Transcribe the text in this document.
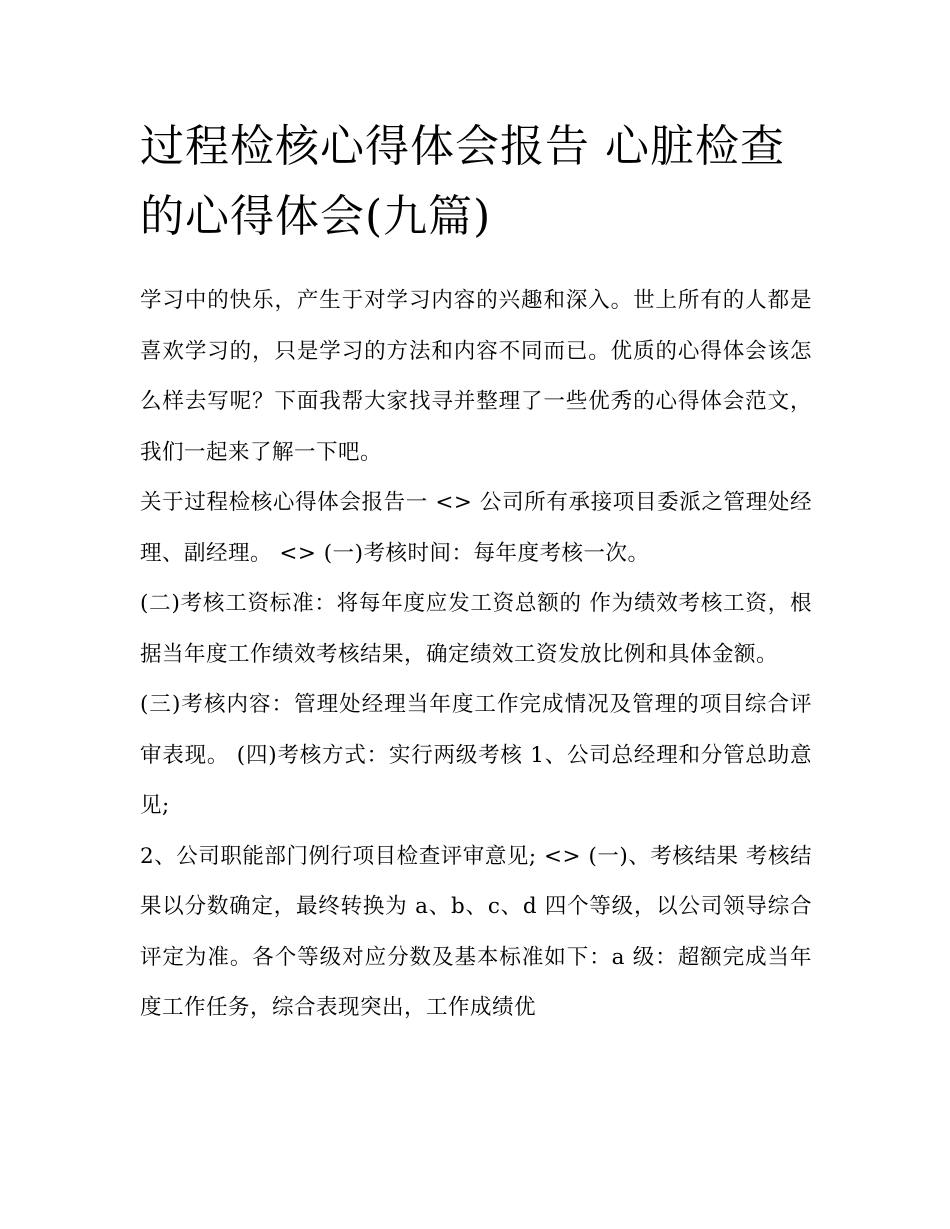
过程检核心得体会报告 心脏检查的心得体会(九篇)

学习中的快乐，产生于对学习内容的兴趣和深入。世上所有的人都是喜欢学习的，只是学习的方法和内容不同而已。优质的心得体会该怎么样去写呢？下面我帮大家找寻并整理了一些优秀的心得体会范文，我们一起来了解一下吧。

关于过程检核心得体会报告一 <> 公司所有承接项目委派之管理处经理、副经理。 <> (一)考核时间：每年度考核一次。

(二)考核工资标准：将每年度应发工资总额的 作为绩效考核工资，根据当年度工作绩效考核结果，确定绩效工资发放比例和具体金额。

(三)考核内容：管理处经理当年度工作完成情况及管理的项目综合评审表现。 (四)考核方式：实行两级考核 1、公司总经理和分管总助意见;

2、公司职能部门例行项目检查评审意见; <> (一)、考核结果 考核结果以分数确定，最终转换为 a、b、c、d 四个等级，以公司领导综合评定为准。各个等级对应分数及基本标准如下：a 级：超额完成当年度工作任务，综合表现突出，工作成绩优
